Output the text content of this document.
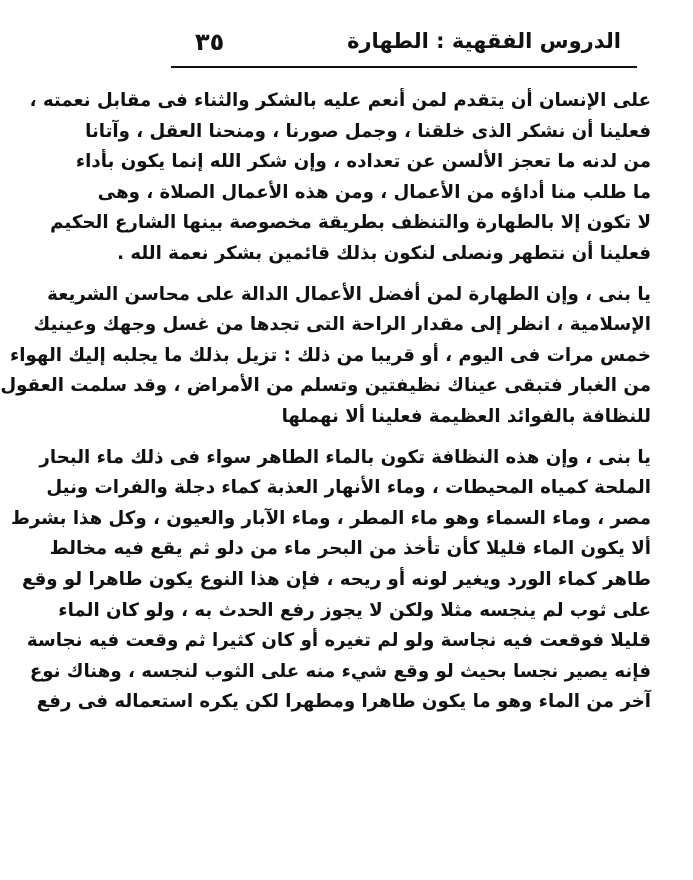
٣٥	الدروس الفقهية : الطهارة

على الإنسان أن يتقدم لمن أنعم عليه بالشكر والثناء فى مقابل نعمته ،
فعلينا أن نشكر الذى خلقنا ، وجمل صورنا ، ومنحنا العقل ، وآتانا
من لدنه ما تعجز الألسن عن تعداده ، وإن شكر الله إنما يكون بأداء
ما طلب منا أداؤه من الأعمال ، ومن هذه الأعمال الصلاة ، وهى
لا تكون إلا بالطهارة والتنظف بطريقة مخصوصة بينها الشارع الحكيم
فعلينا أن نتطهر ونصلى لنكون بذلك قائمين بشكر نعمة الله .

يا بنى ، وإن الطهارة لمن أفضل الأعمال الدالة على محاسن الشريعة
الإسلامية ، انظر إلى مقدار الراحة التى تجدها من غسل وجهك وعينيك
خمس مرات فى اليوم ، أو قريبا من ذلك : تزيل بذلك ما يجلبه إليك الهواء
من الغبار فتبقى عيناك نظيفتين وتسلم من الأمراض ، وقد سلمت العقول
للنظافة بالفوائد العظيمة فعلينا ألا نهملها

يا بنى ، وإن هذه النظافة تكون بالماء الطاهر سواء فى ذلك ماء البحار
الملحة كمياه المحيطات ، وماء الأنهار العذبة كماء دجلة والفرات ونيل
مصر ، وماء السماء وهو ماء المطر ، وماء الآبار والعيون ، وكل هذا بشرط
ألا يكون الماء قليلا كأن تأخذ من البحر ماء من دلو ثم يقع فيه مخالط
طاهر كماء الورد ويغير لونه أو ريحه ، فإن هذا النوع يكون طاهرا لو وقع
على ثوب لم ينجسه مثلا ولكن لا يجوز رفع الحدث به ، ولو كان الماء
قليلا فوقعت فيه نجاسة ولو لم تغيره أو كان كثيرا ثم وقعت فيه نجاسة
فإنه يصير نجسا بحيث لو وقع شيء منه على الثوب لنجسه ، وهناك نوع
آخر من الماء وهو ما يكون طاهرا ومطهرا لكن يكره استعماله فى رفع
